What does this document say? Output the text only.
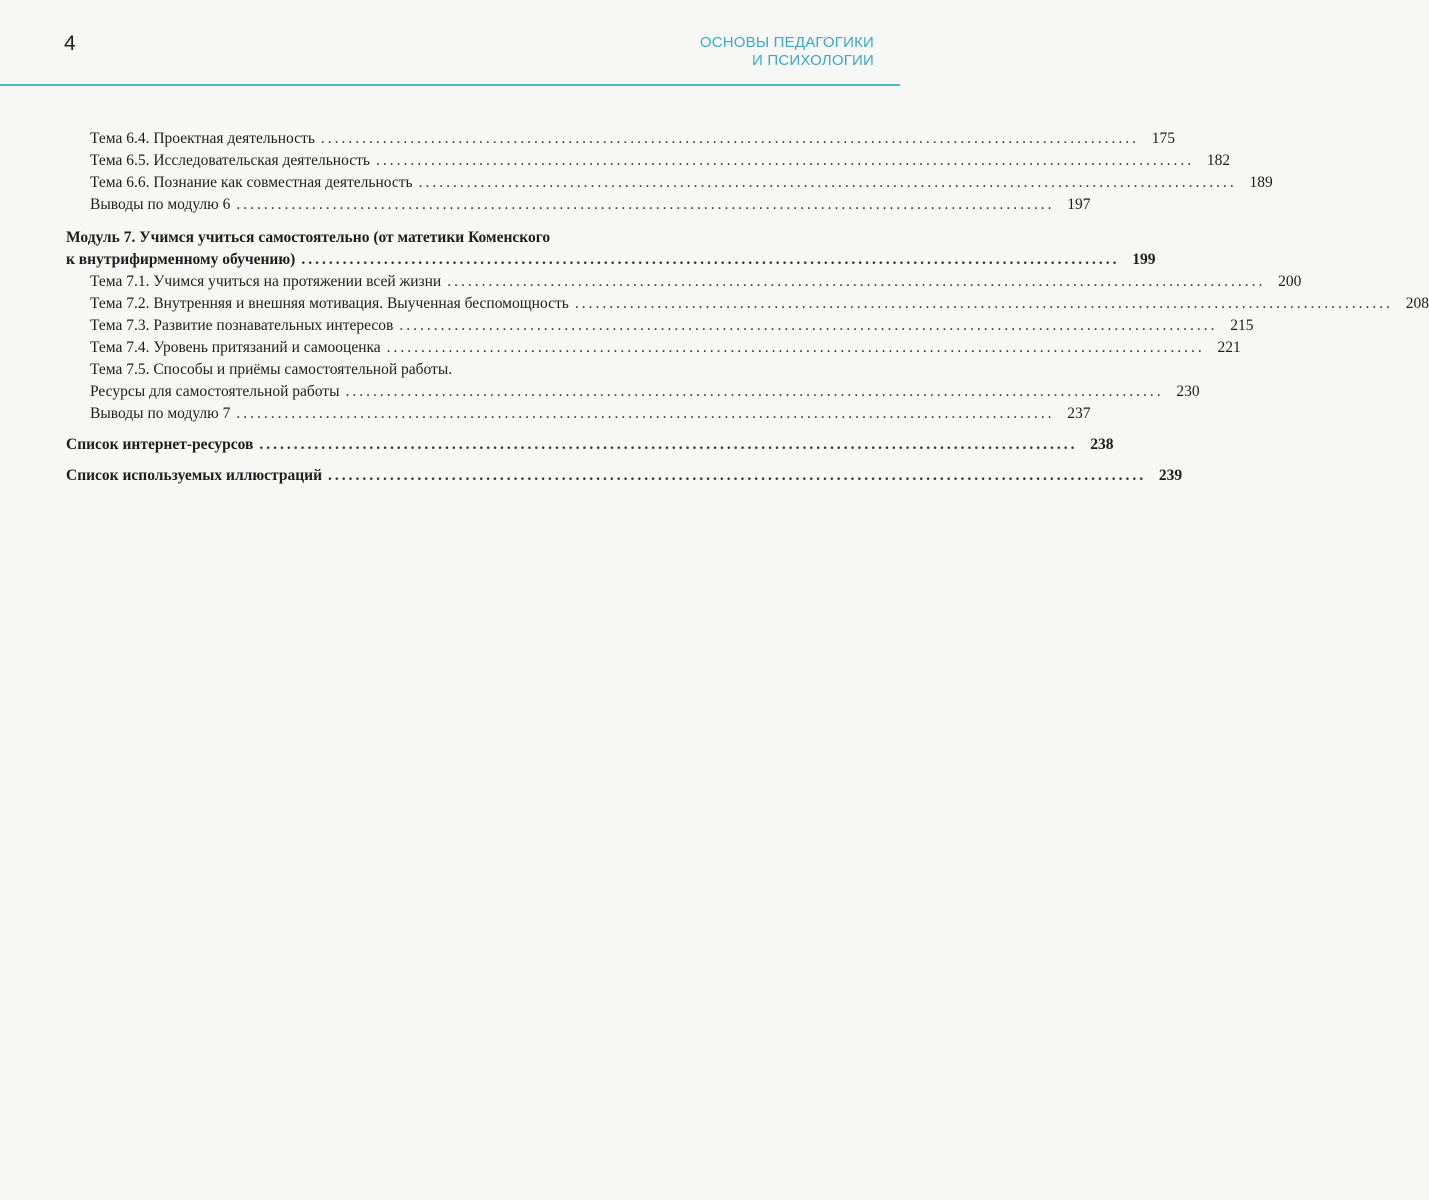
4	ОСНОВЫ ПЕДАГОГИКИ
И ПСИХОЛОГИИ
Тема 6.4. Проектная деятельность ....................................................................................................................... 175
Тема 6.5. Исследовательская деятельность ....................................................................................................................... 182
Тема 6.6. Познание как совместная деятельность ....................................................................................................................... 189
Выводы по модулю 6 ....................................................................................................................... 197
Модуль 7. Учимся учиться самостоятельно (от матетики Коменского
к внутрифирменному обучению) ....................................................................................................................... 199
Тема 7.1. Учимся учиться на протяжении всей жизни ....................................................................................................................... 200
Тема 7.2. Внутренняя и внешняя мотивация. Выученная беспомощность ....................................................................................................................... 208
Тема 7.3. Развитие познавательных интересов ....................................................................................................................... 215
Тема 7.4. Уровень притязаний и самооценка ....................................................................................................................... 221
Тема 7.5. Способы и приёмы самостоятельной работы.
Ресурсы для самостоятельной работы ....................................................................................................................... 230
Выводы по модулю 7 ....................................................................................................................... 237
Список интернет-ресурсов ....................................................................................................................... 238
Список используемых иллюстраций ....................................................................................................................... 239
